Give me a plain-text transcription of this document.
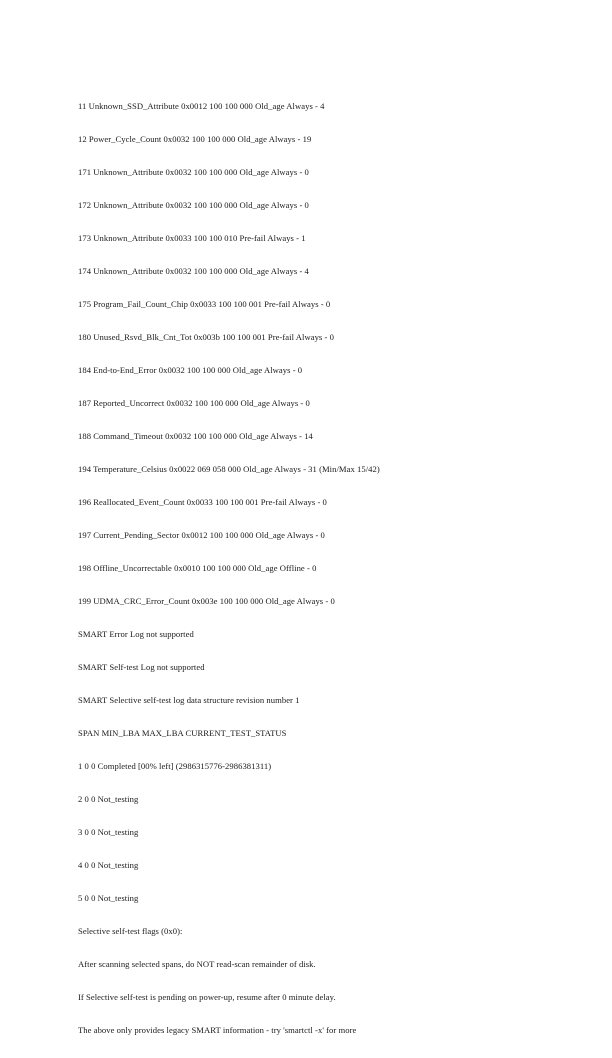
11 Unknown_SSD_Attribute 0x0012 100 100 000 Old_age Always - 4

12 Power_Cycle_Count 0x0032 100 100 000 Old_age Always - 19

171 Unknown_Attribute 0x0032 100 100 000 Old_age Always - 0

172 Unknown_Attribute 0x0032 100 100 000 Old_age Always - 0

173 Unknown_Attribute 0x0033 100 100 010 Pre-fail Always - 1

174 Unknown_Attribute 0x0032 100 100 000 Old_age Always - 4

175 Program_Fail_Count_Chip 0x0033 100 100 001 Pre-fail Always - 0

180 Unused_Rsvd_Blk_Cnt_Tot 0x003b 100 100 001 Pre-fail Always - 0

184 End-to-End_Error 0x0032 100 100 000 Old_age Always - 0

187 Reported_Uncorrect 0x0032 100 100 000 Old_age Always - 0

188 Command_Timeout 0x0032 100 100 000 Old_age Always - 14

194 Temperature_Celsius 0x0022 069 058 000 Old_age Always - 31 (Min/Max 15/42)

196 Reallocated_Event_Count 0x0033 100 100 001 Pre-fail Always - 0

197 Current_Pending_Sector 0x0012 100 100 000 Old_age Always - 0

198 Offline_Uncorrectable 0x0010 100 100 000 Old_age Offline - 0

199 UDMA_CRC_Error_Count 0x003e 100 100 000 Old_age Always - 0

SMART Error Log not supported

SMART Self-test Log not supported

SMART Selective self-test log data structure revision number 1

SPAN MIN_LBA MAX_LBA CURRENT_TEST_STATUS

1 0 0 Completed [00% left] (2986315776-2986381311)

2 0 0 Not_testing

3 0 0 Not_testing

4 0 0 Not_testing

5 0 0 Not_testing

Selective self-test flags (0x0):

After scanning selected spans, do NOT read-scan remainder of disk.

If Selective self-test is pending on power-up, resume after 0 minute delay.

The above only provides legacy SMART information - try 'smartctl -x' for more
